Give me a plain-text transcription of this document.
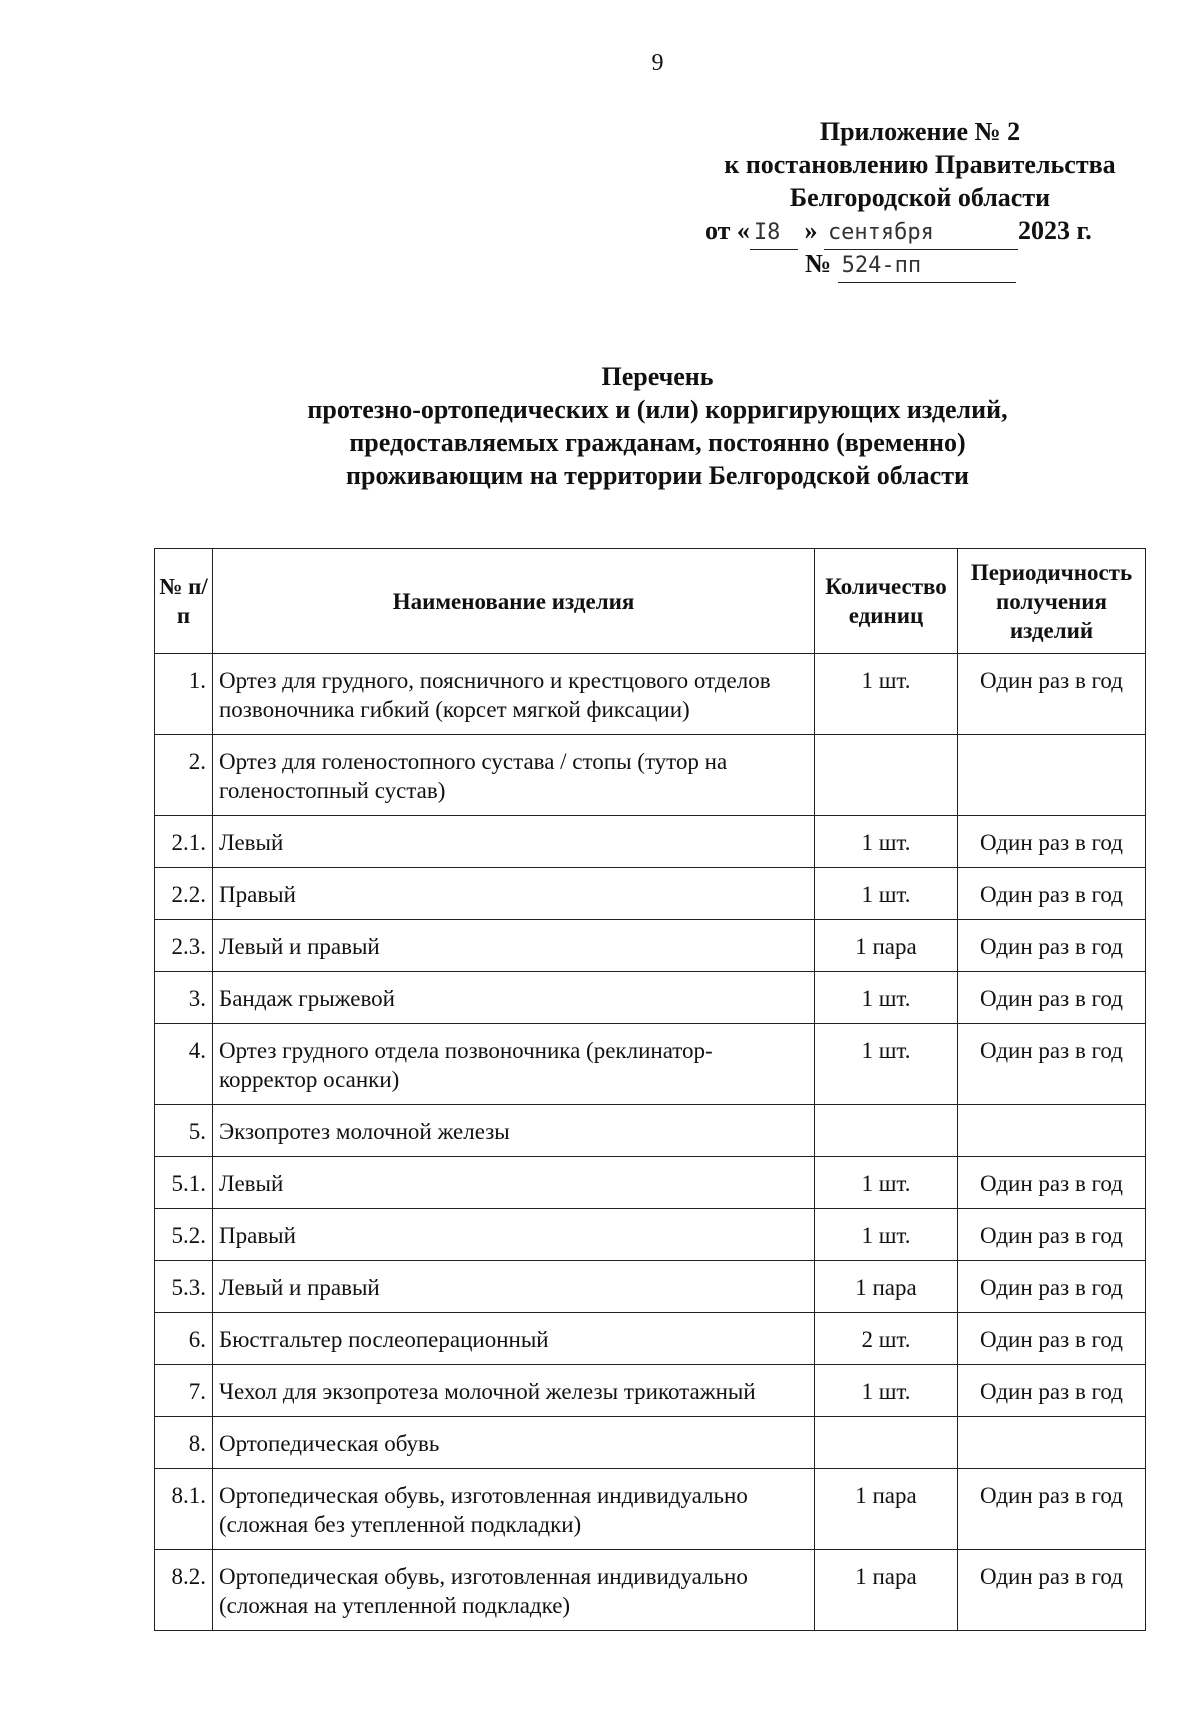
9
Приложение № 2
к постановлению Правительства
Белгородской области
от « I8 » сентября	2023 г.
№ 524-пп
Перечень
протезно-ортопедических и (или) корригирующих изделий,
предоставляемых гражданам, постоянно (временно)
проживающим на территории Белгородской области
№ п/п	Наименование изделия	Количество единиц	Периодичность получения изделий
1.	Ортез для грудного, поясничного и крестцового отделов позвоночника гибкий (корсет мягкой фиксации)	1 шт.	Один раз в год
2.	Ортез для голеностопного сустава / стопы (тутор на голеностопный сустав)		
2.1.	Левый	1 шт.	Один раз в год
2.2.	Правый	1 шт.	Один раз в год
2.3.	Левый и правый	1 пара	Один раз в год
3.	Бандаж грыжевой	1 шт.	Один раз в год
4.	Ортез грудного отдела позвоночника (реклинатор-корректор осанки)	1 шт.	Один раз в год
5.	Экзопротез молочной железы		
5.1.	Левый	1 шт.	Один раз в год
5.2.	Правый	1 шт.	Один раз в год
5.3.	Левый и правый	1 пара	Один раз в год
6.	Бюстгальтер послеоперационный	2 шт.	Один раз в год
7.	Чехол для экзопротеза молочной железы трикотажный	1 шт.	Один раз в год
8.	Ортопедическая обувь		
8.1.	Ортопедическая обувь, изготовленная индивидуально (сложная без утепленной подкладки)	1 пара	Один раз в год
8.2.	Ортопедическая обувь, изготовленная индивидуально (сложная на утепленной подкладке)	1 пара	Один раз в год
